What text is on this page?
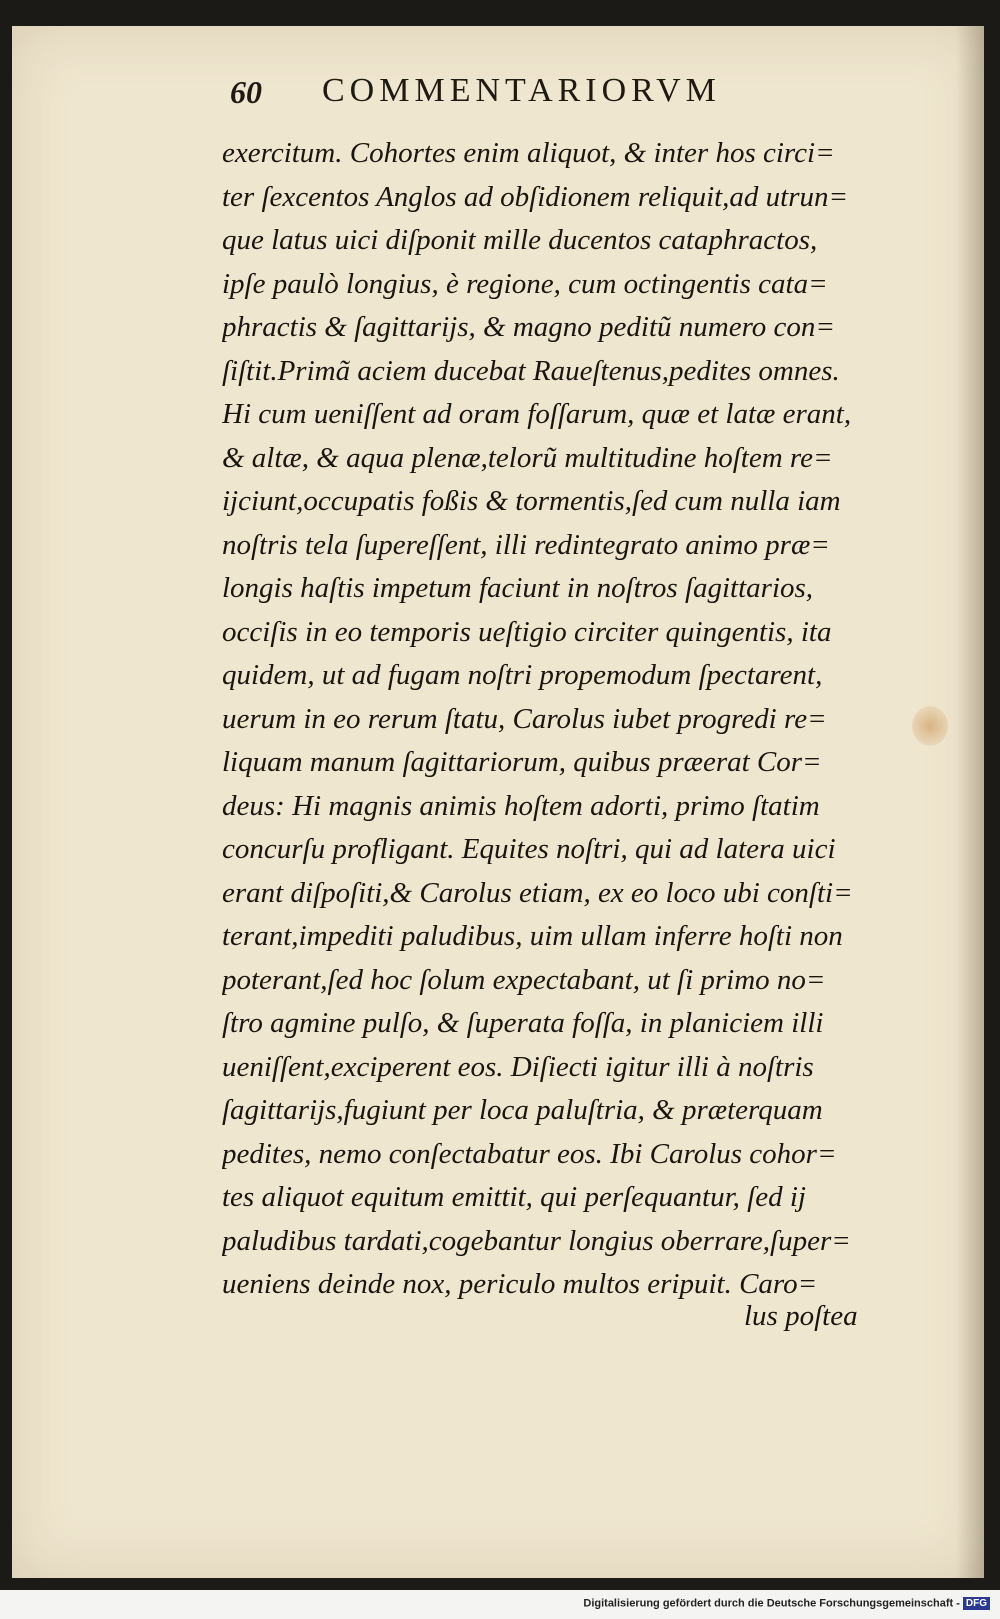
60 COMMENTARIORVM
exercitum. Cohortes enim aliquot, & inter hos circi=
ter ſexcentos Anglos ad obſidionem reliquit,ad utrun=
que latus uici diſponit mille ducentos cataphractos,
ipſe paulò longius, è regione, cum octingentis cata=
phractis & ſagittarijs, & magno peditũ numero con=
ſiſtit.Primã aciem ducebat Raueſtenus,pedites omnes.
Hi cum ueniſſent ad oram foſſarum, quæ et latæ erant,
& altæ, & aqua plenæ,telorũ multitudine hoſtem re=
ijciunt,occupatis foßis & tormentis,ſed cum nulla iam
noſtris tela ſupereſſent, illi redintegrato animo præ=
longis haſtis impetum faciunt in noſtros ſagittarios,
occiſis in eo temporis ueſtigio circiter quingentis, ita
quidem, ut ad fugam noſtri propemodum ſpectarent,
uerum in eo rerum ſtatu, Carolus iubet progredi re=
liquam manum ſagittariorum, quibus præerat Cor=
deus: Hi magnis animis hoſtem adorti, primo ſtatim
concurſu profligant. Equites noſtri, qui ad latera uici
erant diſpoſiti,& Carolus etiam, ex eo loco ubi conſti=
terant,impediti paludibus, uim ullam inferre hoſti non
poterant,ſed hoc ſolum expectabant, ut ſi primo no=
ſtro agmine pulſo, & ſuperata foſſa, in planiciem illi
ueniſſent,exciperent eos. Diſiecti igitur illi à noſtris
ſagittarijs,fugiunt per loca paluſtria, & præterquam
pedites, nemo conſectabatur eos. Ibi Carolus cohor=
tes aliquot equitum emittit, qui perſequantur, ſed ij
paludibus tardati,cogebantur longius oberrare,ſuper=
ueniens deinde nox, periculo multos eripuit. Caro=
lus poſtea
Digitalisierung gefördert durch die Deutsche Forschungsgemeinschaft - DFG
